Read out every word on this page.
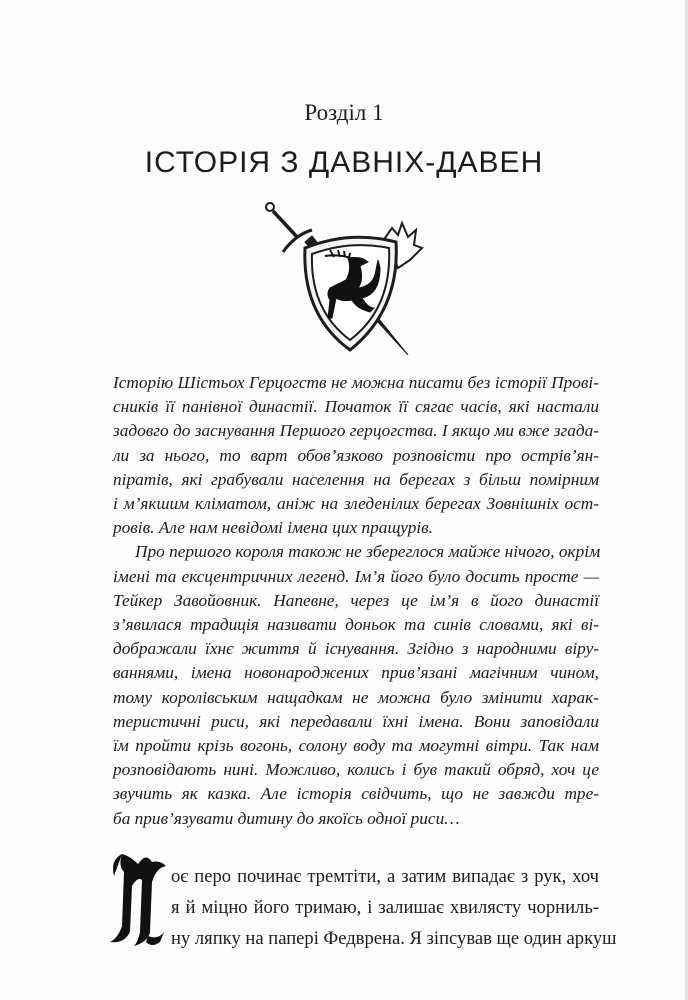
Розділ 1
ІСТОРІЯ З ДАВНІХ-ДАВЕН
Історію Шістьох Герцогств не можна писати без історії Прові-
сників її панівної династії. Початок її сягає часів, які настали
задовго до заснування Першого герцогства. І якщо ми вже згада-
ли за нього, то варт обов’язково розповісти про острів’ян-
піратів, які грабували населення на берегах з більш помірним
і м’якшим кліматом, аніж на зледенілих берегах Зовнішніх ост-
ровів. Але нам невідомі імена цих пращурів.
Про першого короля також не збереглося майже нічого, окрім
імені та ексцентричних легенд. Ім’я його було досить просте —
Тейкер Завойовник. Напевне, через це ім’я в його династії
з’явилася традиція називати доньок та синів словами, які ві-
дображали їхнє життя й існування. Згідно з народними віру-
ваннями, імена новонароджених прив’язані магічним чином,
тому королівським нащадкам не можна було змінити харак-
теристичні риси, які передавали їхні імена. Вони заповідали
їм пройти крізь вогонь, солону воду та могутні вітри. Так нам
розповідають нині. Можливо, колись і був такий обряд, хоч це
звучить як казка. Але історія свідчить, що не завжди тре-
ба прив’язувати дитину до якоїсь одної риси…
оє перо починає тремтіти, а затим випадає з рук, хоч
я й міцно його тримаю, і залишає хвилясту чорниль-
ну ляпку на папері Федврена. Я зіпсував ще один аркуш
